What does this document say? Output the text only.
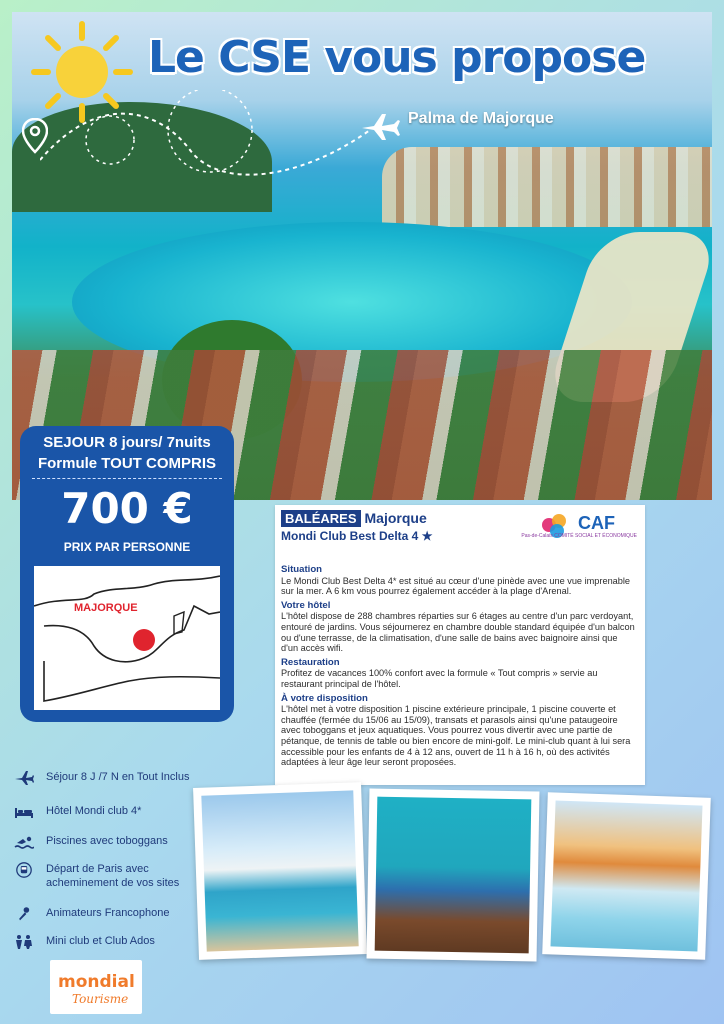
Le CSE vous propose
Palma de Majorque
SEJOUR 8 jours/ 7nuits
Formule TOUT COMPRIS
700 €
PRIX PAR PERSONNE
MAJORQUE
BALÉARES Majorque
Mondi Club Best Delta 4 ★
CAF
Pas-de-Calais COMITÉ SOCIAL ET ÉCONOMIQUE
Situation

Le Mondi Club Best Delta 4* est situé au cœur d'une pinède avec une vue imprenable sur la mer. A 6 km vous pourrez également accéder à la plage d'Arenal.

Votre hôtel

L'hôtel dispose de 288 chambres réparties sur 6 étages au centre d'un parc verdoyant, entouré de jardins. Vous séjournerez en chambre double standard équipée d'un balcon ou d'une terrasse, de la climatisation, d'une salle de bains avec baignoire ainsi que d'un accès wifi.

Restauration

Profitez de vacances 100% confort avec la formule « Tout compris » servie au restaurant principal de l'hôtel.

À votre disposition

L'hôtel met à votre disposition 1 piscine extérieure principale, 1 piscine couverte et chauffée (fermée du 15/06 au 15/09), transats et parasols ainsi qu'une pataugeoire avec toboggans et jeux aquatiques. Vous pourrez vous divertir avec une partie de pétanque, de tennis de table ou bien encore de mini-golf. Le mini-club quant à lui sera accessible pour les enfants de 4 à 12 ans, ouvert de 11 h à 16 h, où des activités adaptées à leur âge leur seront proposées.

Séjour 8 J /7 N en Tout Inclus
Hôtel Mondi club 4*
Piscines avec toboggans
Départ de Paris avec acheminement de vos sites
Animateurs Francophone
Mini club et Club Ados
mondial
Tourisme
